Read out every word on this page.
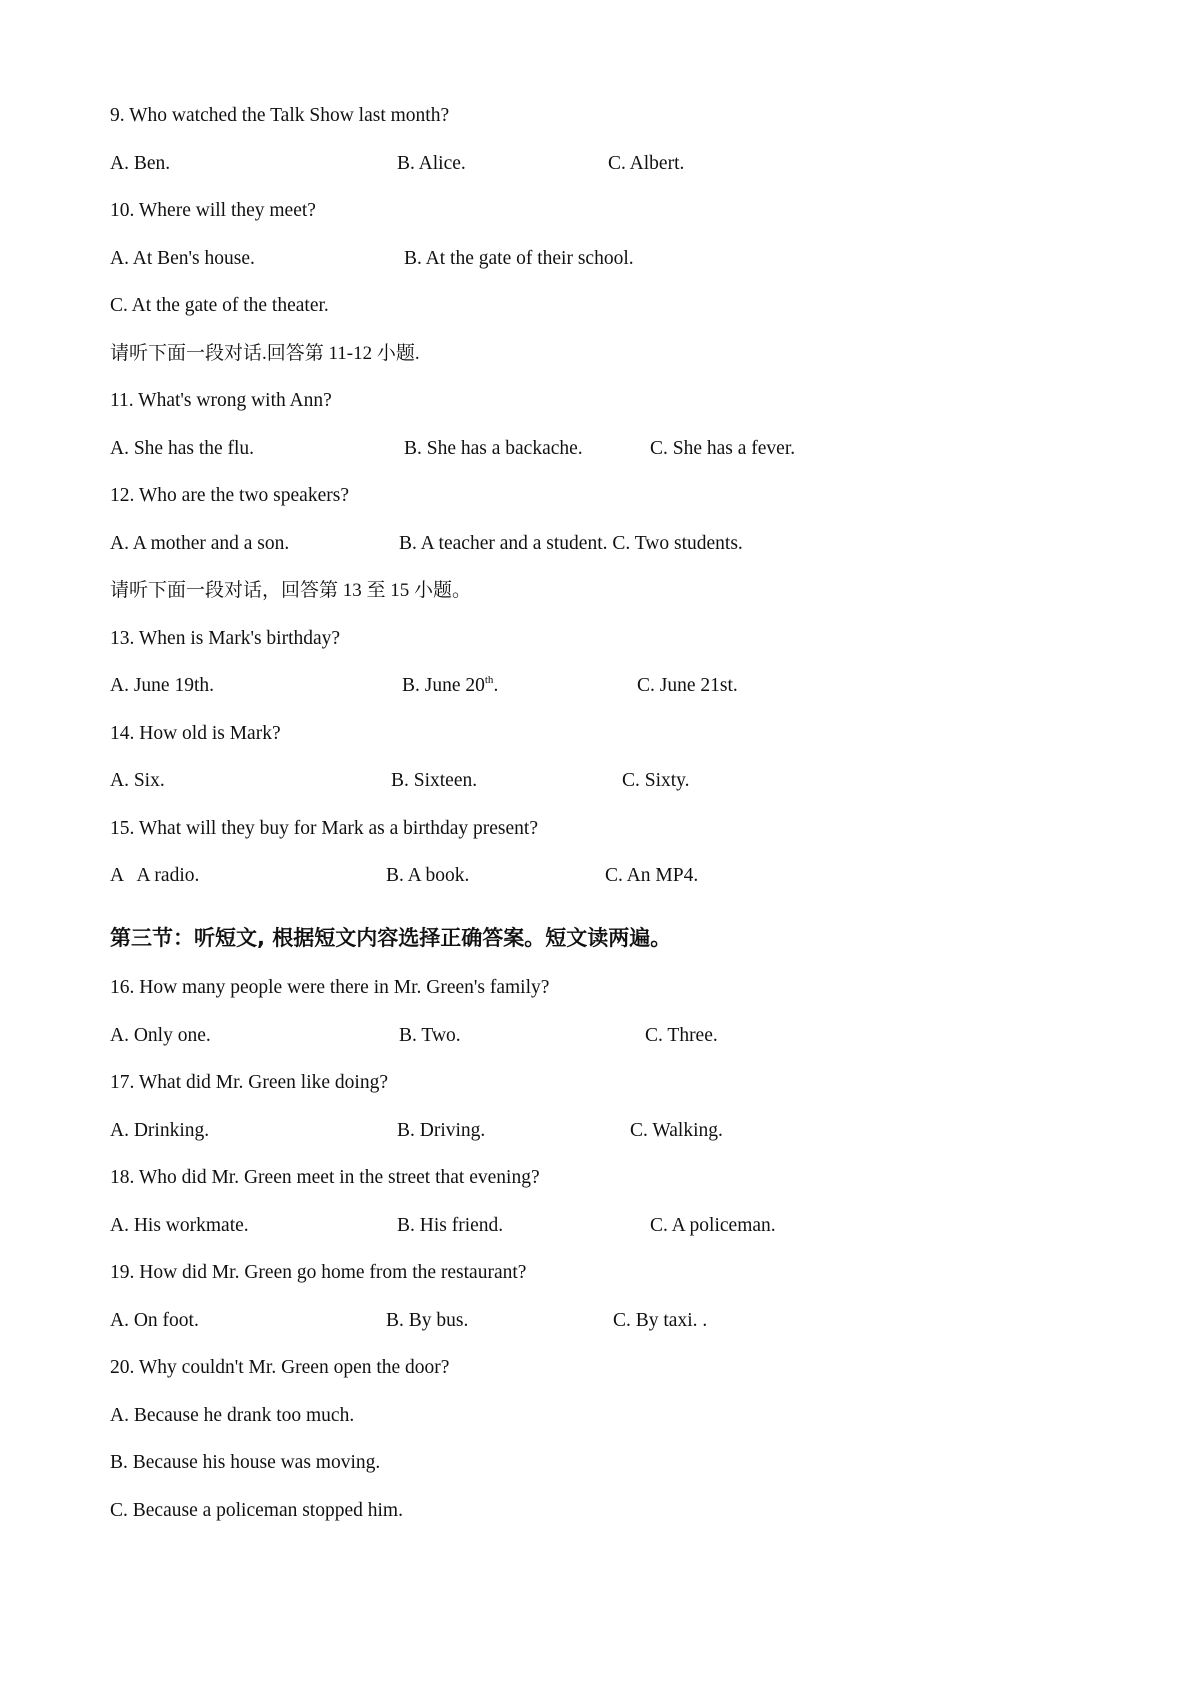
9. Who watched the Talk Show last month?
A. Ben.	B. Alice.	C. Albert.
10. Where will they meet?
A. At Ben's house.	B. At the gate of their school.
C. At the gate of the theater.
请听下面一段对话.回答第 11-12 小题.
11. What's wrong with Ann?
A. She has the flu.	B. She has a backache.	C. She has a fever.
12. Who are the two speakers?
A. A mother and a son.	B. A teacher and a student. C. Two students.
请听下面一段对话，回答第 13 至 15 小题。
13. When is Mark's birthday?
A. June 19th.	B. June 20th.	C. June 21st.
14. How old is Mark?
A. Six.	B. Sixteen.	C. Sixty.
15. What will they buy for Mark as a birthday present?
A   A radio.	B. A book.	C. An MP4.
第三节：听短文, 根据短文内容选择正确答案。短文读两遍。
16. How many people were there in Mr. Green's family?
A. Only one.	B. Two.	C. Three.
17. What did Mr. Green like doing?
A. Drinking.	B. Driving.	C. Walking.
18. Who did Mr. Green meet in the street that evening?
A. His workmate.	B. His friend.	C. A policeman.
19. How did Mr. Green go home from the restaurant?
A. On foot.	B. By bus.	C. By taxi. .
20. Why couldn't Mr. Green open the door?
A. Because he drank too much.
B. Because his house was moving.
C. Because a policeman stopped him.
